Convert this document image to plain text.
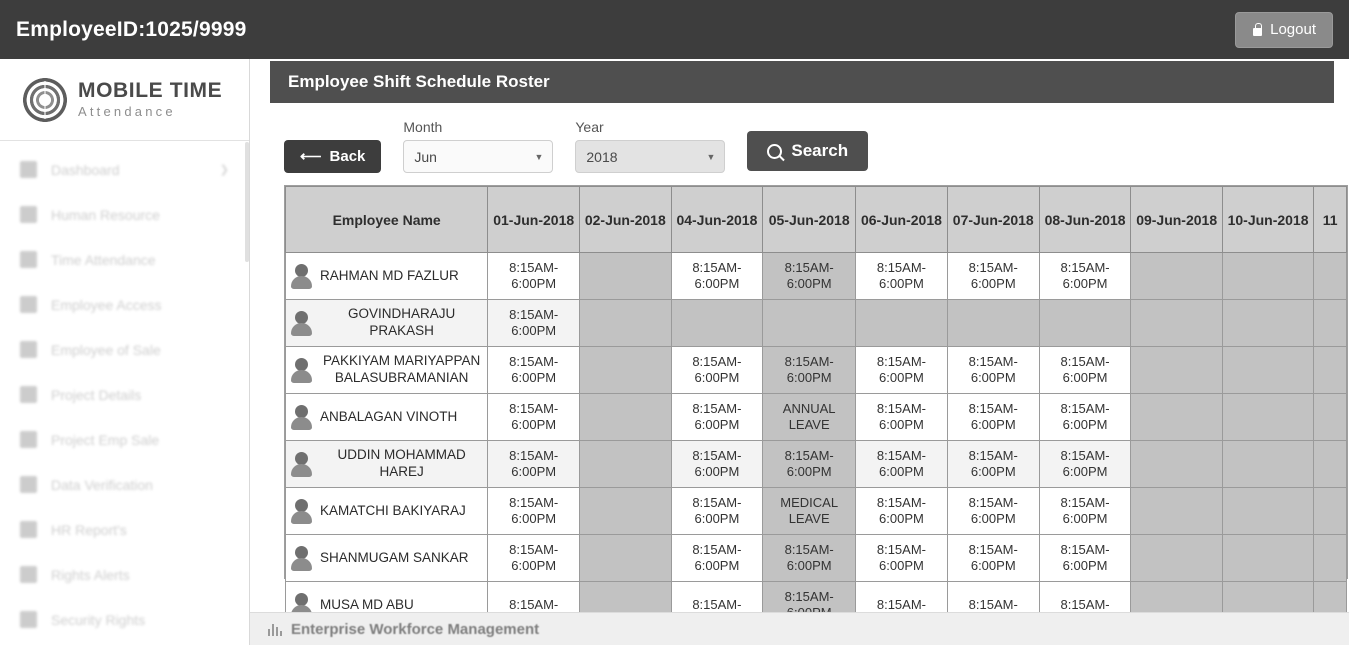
EmployeeID:1025/9999	Logout
MOBILE TIME
Attendance
Dashboard	❯
Human Resource
Time Attendance
Employee Access
Employee of Sale
Project Details
Project Emp Sale
Data Verification
HR Report's
Rights Alerts
Security Rights
Employee Shift Schedule Roster
⟵ Back
Month
Jun	▼
Year
2018	▼	Search
Employee Name	01-Jun-2018	02-Jun-2018	04-Jun-2018	05-Jun-2018	06-Jun-2018	07-Jun-2018	08-Jun-2018	09-Jun-2018	10-Jun-2018	11

RAHMAN MD FAZLUR	8:15AM-6:00PM		8:15AM-6:00PM	8:15AM-6:00PM	8:15AM-6:00PM	8:15AM-6:00PM	8:15AM-6:00PM			

GOVINDHARAJU PRAKASH	8:15AM-6:00PM									

PAKKIYAM MARIYAPPAN BALASUBRAMANIAN	8:15AM-6:00PM		8:15AM-6:00PM	8:15AM-6:00PM	8:15AM-6:00PM	8:15AM-6:00PM	8:15AM-6:00PM			

ANBALAGAN VINOTH	8:15AM-6:00PM		8:15AM-6:00PM	ANNUAL LEAVE	8:15AM-6:00PM	8:15AM-6:00PM	8:15AM-6:00PM			

UDDIN MOHAMMAD HAREJ	8:15AM-6:00PM		8:15AM-6:00PM	8:15AM-6:00PM	8:15AM-6:00PM	8:15AM-6:00PM	8:15AM-6:00PM			

KAMATCHI BAKIYARAJ	8:15AM-6:00PM		8:15AM-6:00PM	MEDICAL LEAVE	8:15AM-6:00PM	8:15AM-6:00PM	8:15AM-6:00PM			

SHANMUGAM SANKAR	8:15AM-6:00PM		8:15AM-6:00PM	8:15AM-6:00PM	8:15AM-6:00PM	8:15AM-6:00PM	8:15AM-6:00PM			

MUSA MD ABU	8:15AM-		8:15AM-	8:15AM-	8:15AM-	8:15AM-	8:15AM-			
Enterprise Workforce Management
